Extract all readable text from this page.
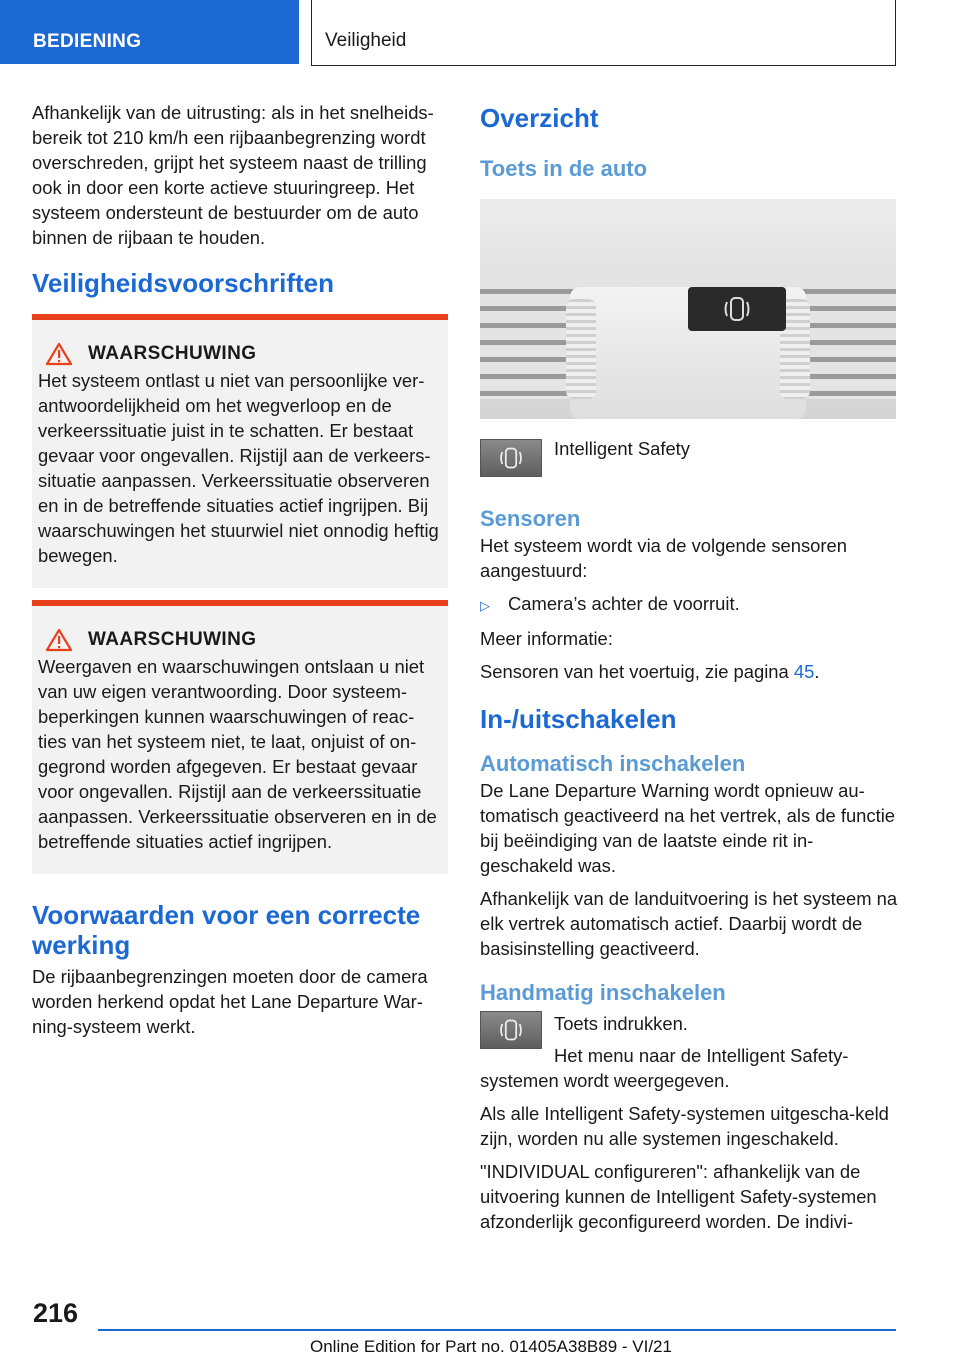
BEDIENING	Veiligheid

Afhankelijk van de uitrusting: als in het snelheids-bereik tot 210 km/h een rijbaanbegrenzing wordt overschreden, grijpt het systeem naast de trilling ook in door een korte actieve stuuringreep. Het systeem ondersteunt de bestuurder om de auto binnen de rijbaan te houden.

Veiligheidsvoorschriften
WAARSCHUWING

Het systeem ontlast u niet van persoonlijke ver-antwoordelijkheid om het wegverloop en de verkeerssituatie juist in te schatten. Er bestaat gevaar voor ongevallen. Rijstijl aan de verkeers-situatie aanpassen. Verkeerssituatie observeren en in de betreffende situaties actief ingrijpen. Bij waarschuwingen het stuurwiel niet onnodig heftig bewegen.

WAARSCHUWING

Weergaven en waarschuwingen ontslaan u niet van uw eigen verantwoording. Door systeem-beperkingen kunnen waarschuwingen of reac-ties van het systeem niet, te laat, onjuist of on-gegrond worden afgegeven. Er bestaat gevaar voor ongevallen. Rijstijl aan de verkeerssituatie aanpassen. Verkeerssituatie observeren en in de betreffende situaties actief ingrijpen.

Voorwaarden voor een correcte werking

De rijbaanbegrenzingen moeten door de camera worden herkend opdat het Lane Departure War-ning-systeem werkt.

Overzicht
Toets in de auto

Intelligent Safety

Sensoren

Het systeem wordt via de volgende sensoren aangestuurd:

▷ Camera’s achter de voorruit.

Meer informatie:

Sensoren van het voertuig, zie pagina 45.

In-/uitschakelen
Automatisch inschakelen

De Lane Departure Warning wordt opnieuw au-tomatisch geactiveerd na het vertrek, als de functie bij beëindiging van de laatste einde rit in-geschakeld was.

Afhankelijk van de landuitvoering is het systeem na elk vertrek automatisch actief. Daarbij wordt de basisinstelling geactiveerd.

Handmatig inschakelen

Toets indrukken.

Het menu naar de Intelligent Safety-systemen wordt weergegeven.

Als alle Intelligent Safety-systemen uitgescha-keld zijn, worden nu alle systemen ingeschakeld.

"INDIVIDUAL configureren": afhankelijk van de uitvoering kunnen de Intelligent Safety-systemen afzonderlijk geconfigureerd worden. De indivi-

216
Online Edition for Part no. 01405A38B89 - VI/21
